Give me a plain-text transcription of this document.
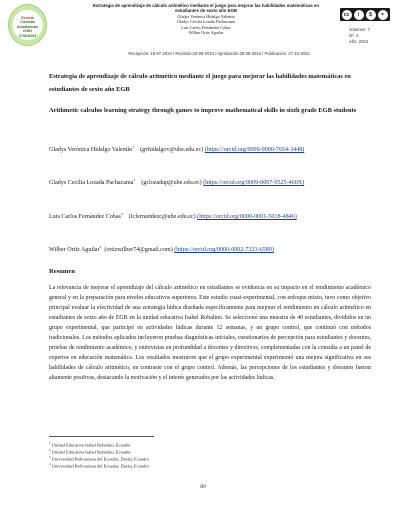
Revista
Ciencias
Académicas
ISSN
2738-8204
Estrategia de aprendizaje de cálculo aritmético mediante el juego para mejorar las habilidades matemáticas en estudiantes de sexto año EGB
Gladys Verónica Hidalgo Valentín
Gladys Cecilia Lozada Pachacama
Luis Carlos Fernández Cobas
Wilber Ortiz Aguilar
cc	i	$	=
Volumen: 7
Nº. 4
Año: 2024
Recepción: 15-07-2024 / Revisión:20-09-2024 / Aprobación:30-09-2024 / Publicación: 27-10-2024
Estrategia de aprendizaje de cálculo aritmético mediante el juego para mejorar las habilidades matemáticas en estudiantes de sexto año EGB
Arithmetic calculus learning strategy through games to improve mathematical skills in sixth grade EGB students
Gladys Verónica Hidalgo Valentín$^1$    (gvhidalgov@ube.edu.ec) (https://orcid.org/0009-0000-7654-3448)
Gladys Cecilia Lozada Pachacama$^2$    (gclozadap@ube.edu.ec) (https://orcid.org/0009-0007-9525-460X)
Luis Carlos Fernández Cobas$^3$    (lcfernandezc@ube.edu.ec) (https://orcid.org/0000-0001-5018-4846)
Wilber Ortiz Aguilar$^4$  (ortizwilber74@gmail.com) (https://orcid.org/0000-0002-7323-6589)
Resumen
La relevancia de mejorar el aprendizaje del cálculo aritmético en estudiantes se evidencia en su impacto en el rendimiento académico general y en la preparación para niveles educativos superiores. Este estudio cuasi-experimental, con enfoque mixto, tuvo como objetivo principal evaluar la efectividad de una estrategia lúdica diseñada específicamente para mejorar el rendimiento en cálculo aritmético en estudiantes de sexto año de EGB en la unidad educativa Isabel Robalino. Se seleccionó una muestra de 40 estudiantes, divididos en un grupo experimental, que participó en actividades lúdicas durante 12 semanas, y un grupo control, que continuó con métodos tradicionales. Los métodos aplicados incluyeron pruebas diagnósticas iniciales, cuestionarios de percepción para estudiantes y docentes, pruebas de rendimiento académico, y entrevistas en profundidad a docentes y directivos, complementadas con la consulta a un panel de expertos en educación matemática. Los resultados mostraron que el grupo experimental experimentó una mejora significativa en sus habilidades de cálculo aritmético, en contraste con el grupo control. Además, las percepciones de los estudiantes y docentes fueron altamente positivas, destacando la motivación y el interés generados por las actividades lúdicas,
$^1$ Unidad Educativa Isabel Robalino, Ecuador
$^2$ Unidad Educativa Isabel Robalino, Ecuador
$^3$ Universidad Bolivariana del Ecuador, Durán, Ecuador
$^4$ Universidad Bolivariana del Ecuador, Durán, Ecuador
89
